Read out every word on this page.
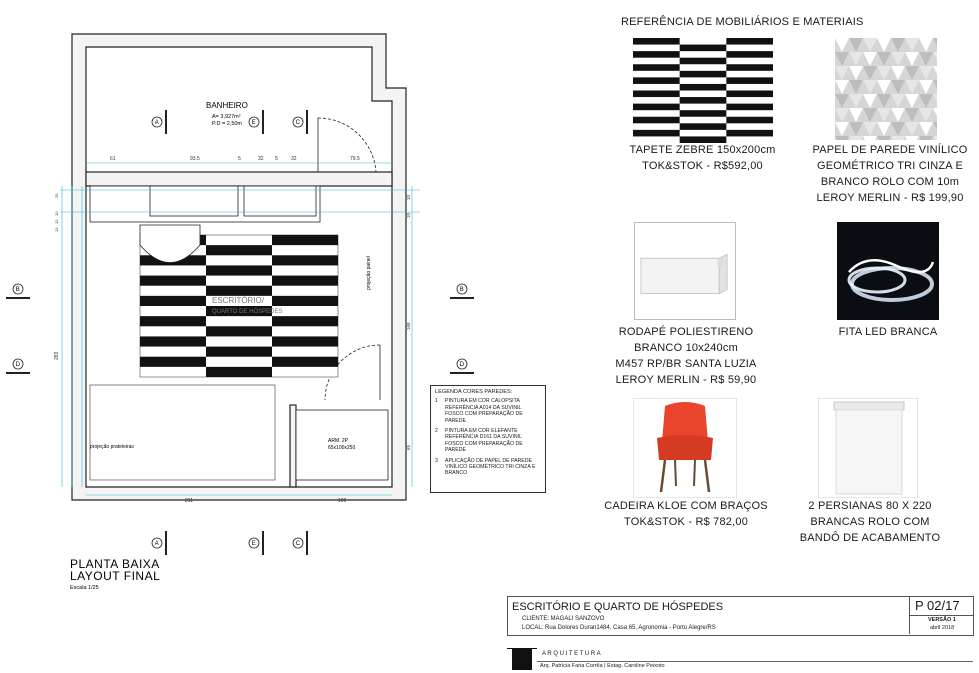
ARM. 2P
65x100x250
projeção prateleiras
projeção painel
BANHEIRO
A= 3,927m²
P.D = 2,50m
ESCRITÓRIO/
QUARTO DE HÓSPEDES
61	93.5	5	32 5	32	79.5
211	100
283
25
10
12
13
168
10
10
65
A	E	C
A	E	C
B	B
D	D
PLANTA BAIXA
LAYOUT FINAL
Escala 1/25
LEGENDA CORES PAREDES:
1	PINTURA EM COR CALOPSITA REFERÊNCIA A014 DA SUVINIL FOSCO COM PREPARAÇÃO DE PAREDE
2	PINTURA EM COR ELEFANTE REFERÊNCIA D161 DA SUVINIL FOSCO COM PREPARAÇÃO DE PAREDE
3	APLICAÇÃO DE PAPEL DE PAREDE VINÍLICO GEOMÉTRICO TRI CINZA E BRANCO
REFERÊNCIA DE MOBILIÁRIOS E MATERIAIS
TAPETE ZEBRE 150x200cm
TOK&STOK - R$592,00
PAPEL DE PAREDE VINÍLICO
GEOMÉTRICO TRI CINZA E
BRANCO ROLO COM 10m
LEROY MERLIN - R$ 199,90
RODAPÉ POLIESTIRENO
BRANCO 10x240cm
M457 RP/BR SANTA LUZIA
LEROY MERLIN - R$ 59,90
FITA LED BRANCA
CADEIRA KLOE COM BRAÇOS
TOK&STOK - R$ 782,00
2 PERSIANAS 80 X 220
BRANCAS ROLO COM
BANDÔ DE ACABAMENTO
ESCRITÓRIO E QUARTO DE HÓSPEDES
CLIENTE: MAGALI SANZOVO
LOCAL: Rua Dolores Duran1484, Casa 65, Agronomia - Porto Alegre/RS
P 02/17
VERSÃO 1
abril 2018
A R Q U I T E T U R A
Arq. Patrícia Faria Corrêa | Estag. Caroline Peixoto
